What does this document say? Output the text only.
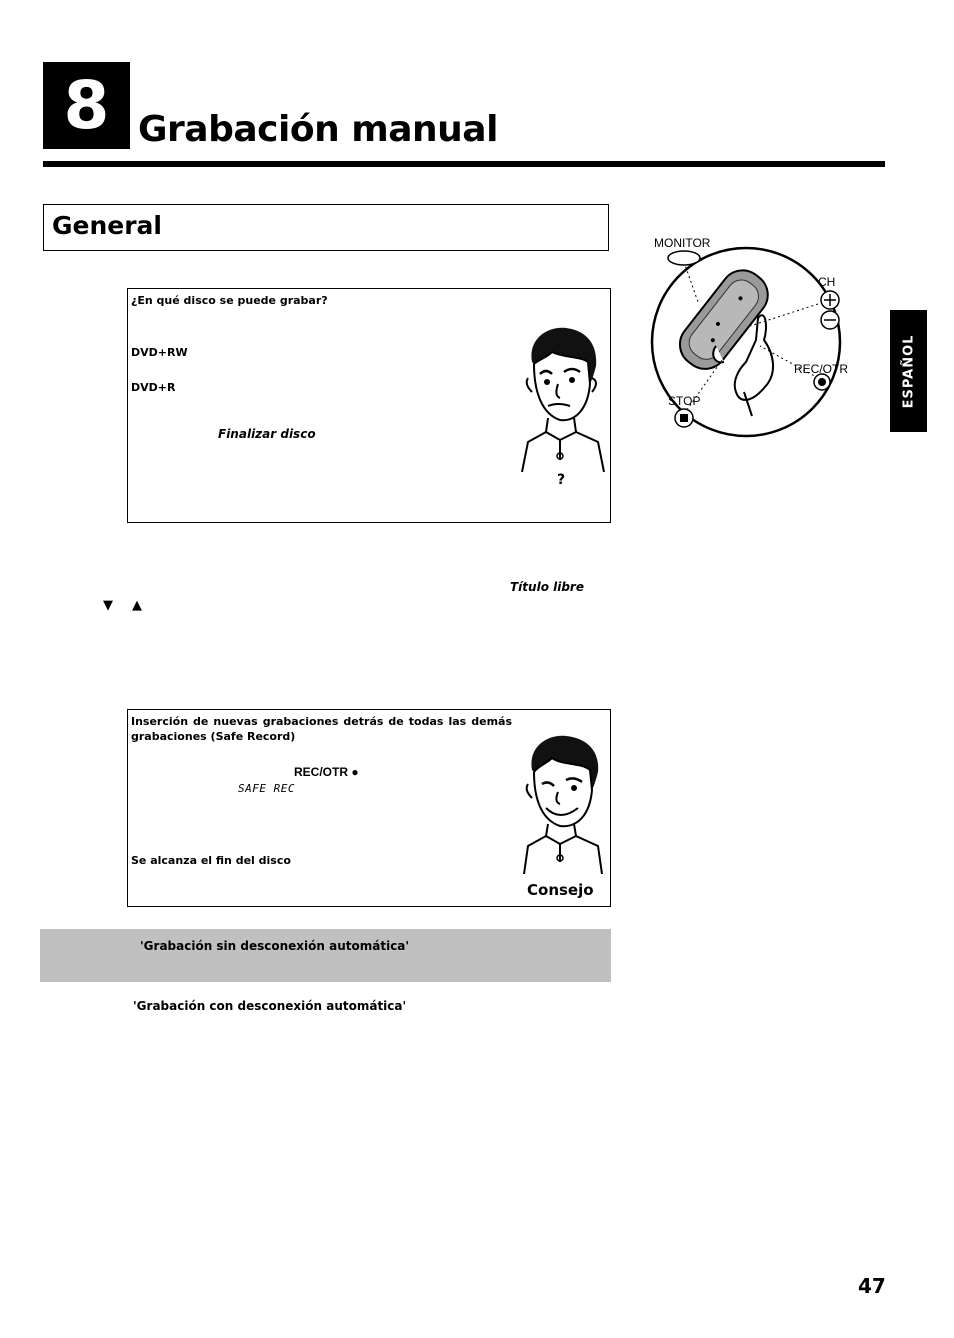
8 Grabación manual
General
¿En qué disco se puede grabar?
DVD+RW
DVD+R
Finalizar disco
?
Título libre
▼ ▲
Inserción de nuevas grabaciones detrás de todas las demás grabaciones (Safe Record)
REC/OTR ●
SAFE REC
Se alcanza el fin del disco
Consejo
'Grabación sin desconexión automática'
'Grabación con desconexión automática'
MONITOR
CH
REC/OTR
STOP	ESPAÑOL
47
